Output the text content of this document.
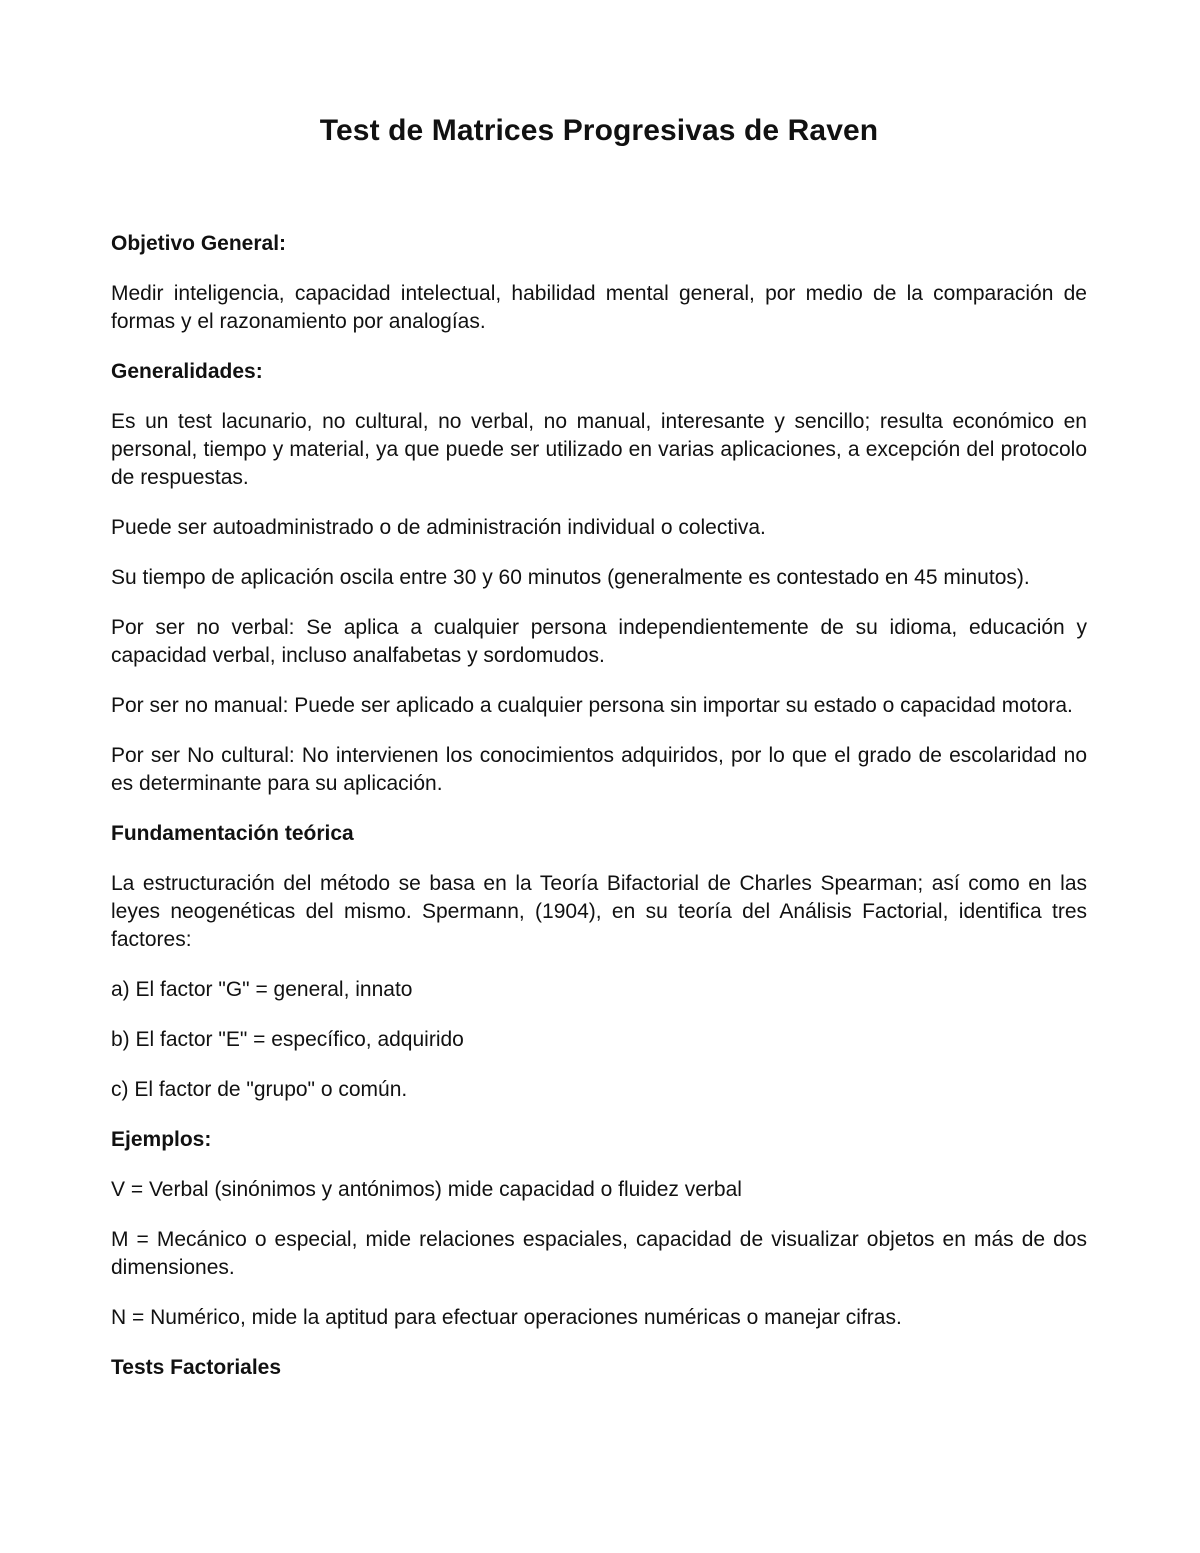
Test de Matrices Progresivas de Raven

Objetivo General:

Medir inteligencia, capacidad intelectual, habilidad mental general, por medio de la comparación de formas y el razonamiento por analogías.

Generalidades:

Es un test lacunario, no cultural, no verbal, no manual, interesante y sencillo; resulta económico en personal, tiempo y material, ya que puede ser utilizado en varias aplicaciones, a excepción del protocolo de respuestas.

Puede ser autoadministrado o de administración individual o colectiva.

Su tiempo de aplicación oscila entre 30 y 60 minutos (generalmente es contestado en 45 minutos).

Por ser no verbal: Se aplica a cualquier persona independientemente de su idioma, educación y capacidad verbal, incluso analfabetas y sordomudos.

Por ser no manual: Puede ser aplicado a cualquier persona sin importar su estado o capacidad motora.

Por ser No cultural: No intervienen los conocimientos adquiridos, por lo que el grado de escolaridad no es determinante para su aplicación.

Fundamentación teórica

La estructuración del método se basa en la Teoría Bifactorial de Charles Spearman; así como en las leyes neogenéticas del mismo. Spermann, (1904), en su teoría del Análisis Factorial, identifica tres factores:

a) El factor "G" = general, innato

b) El factor "E" = específico, adquirido

c) El factor de "grupo" o común.

Ejemplos:

V = Verbal (sinónimos y antónimos) mide capacidad o fluidez verbal

M = Mecánico o especial, mide relaciones espaciales, capacidad de visualizar objetos en más de dos dimensiones.

N = Numérico, mide la aptitud para efectuar operaciones numéricas o manejar cifras.

Tests Factoriales
